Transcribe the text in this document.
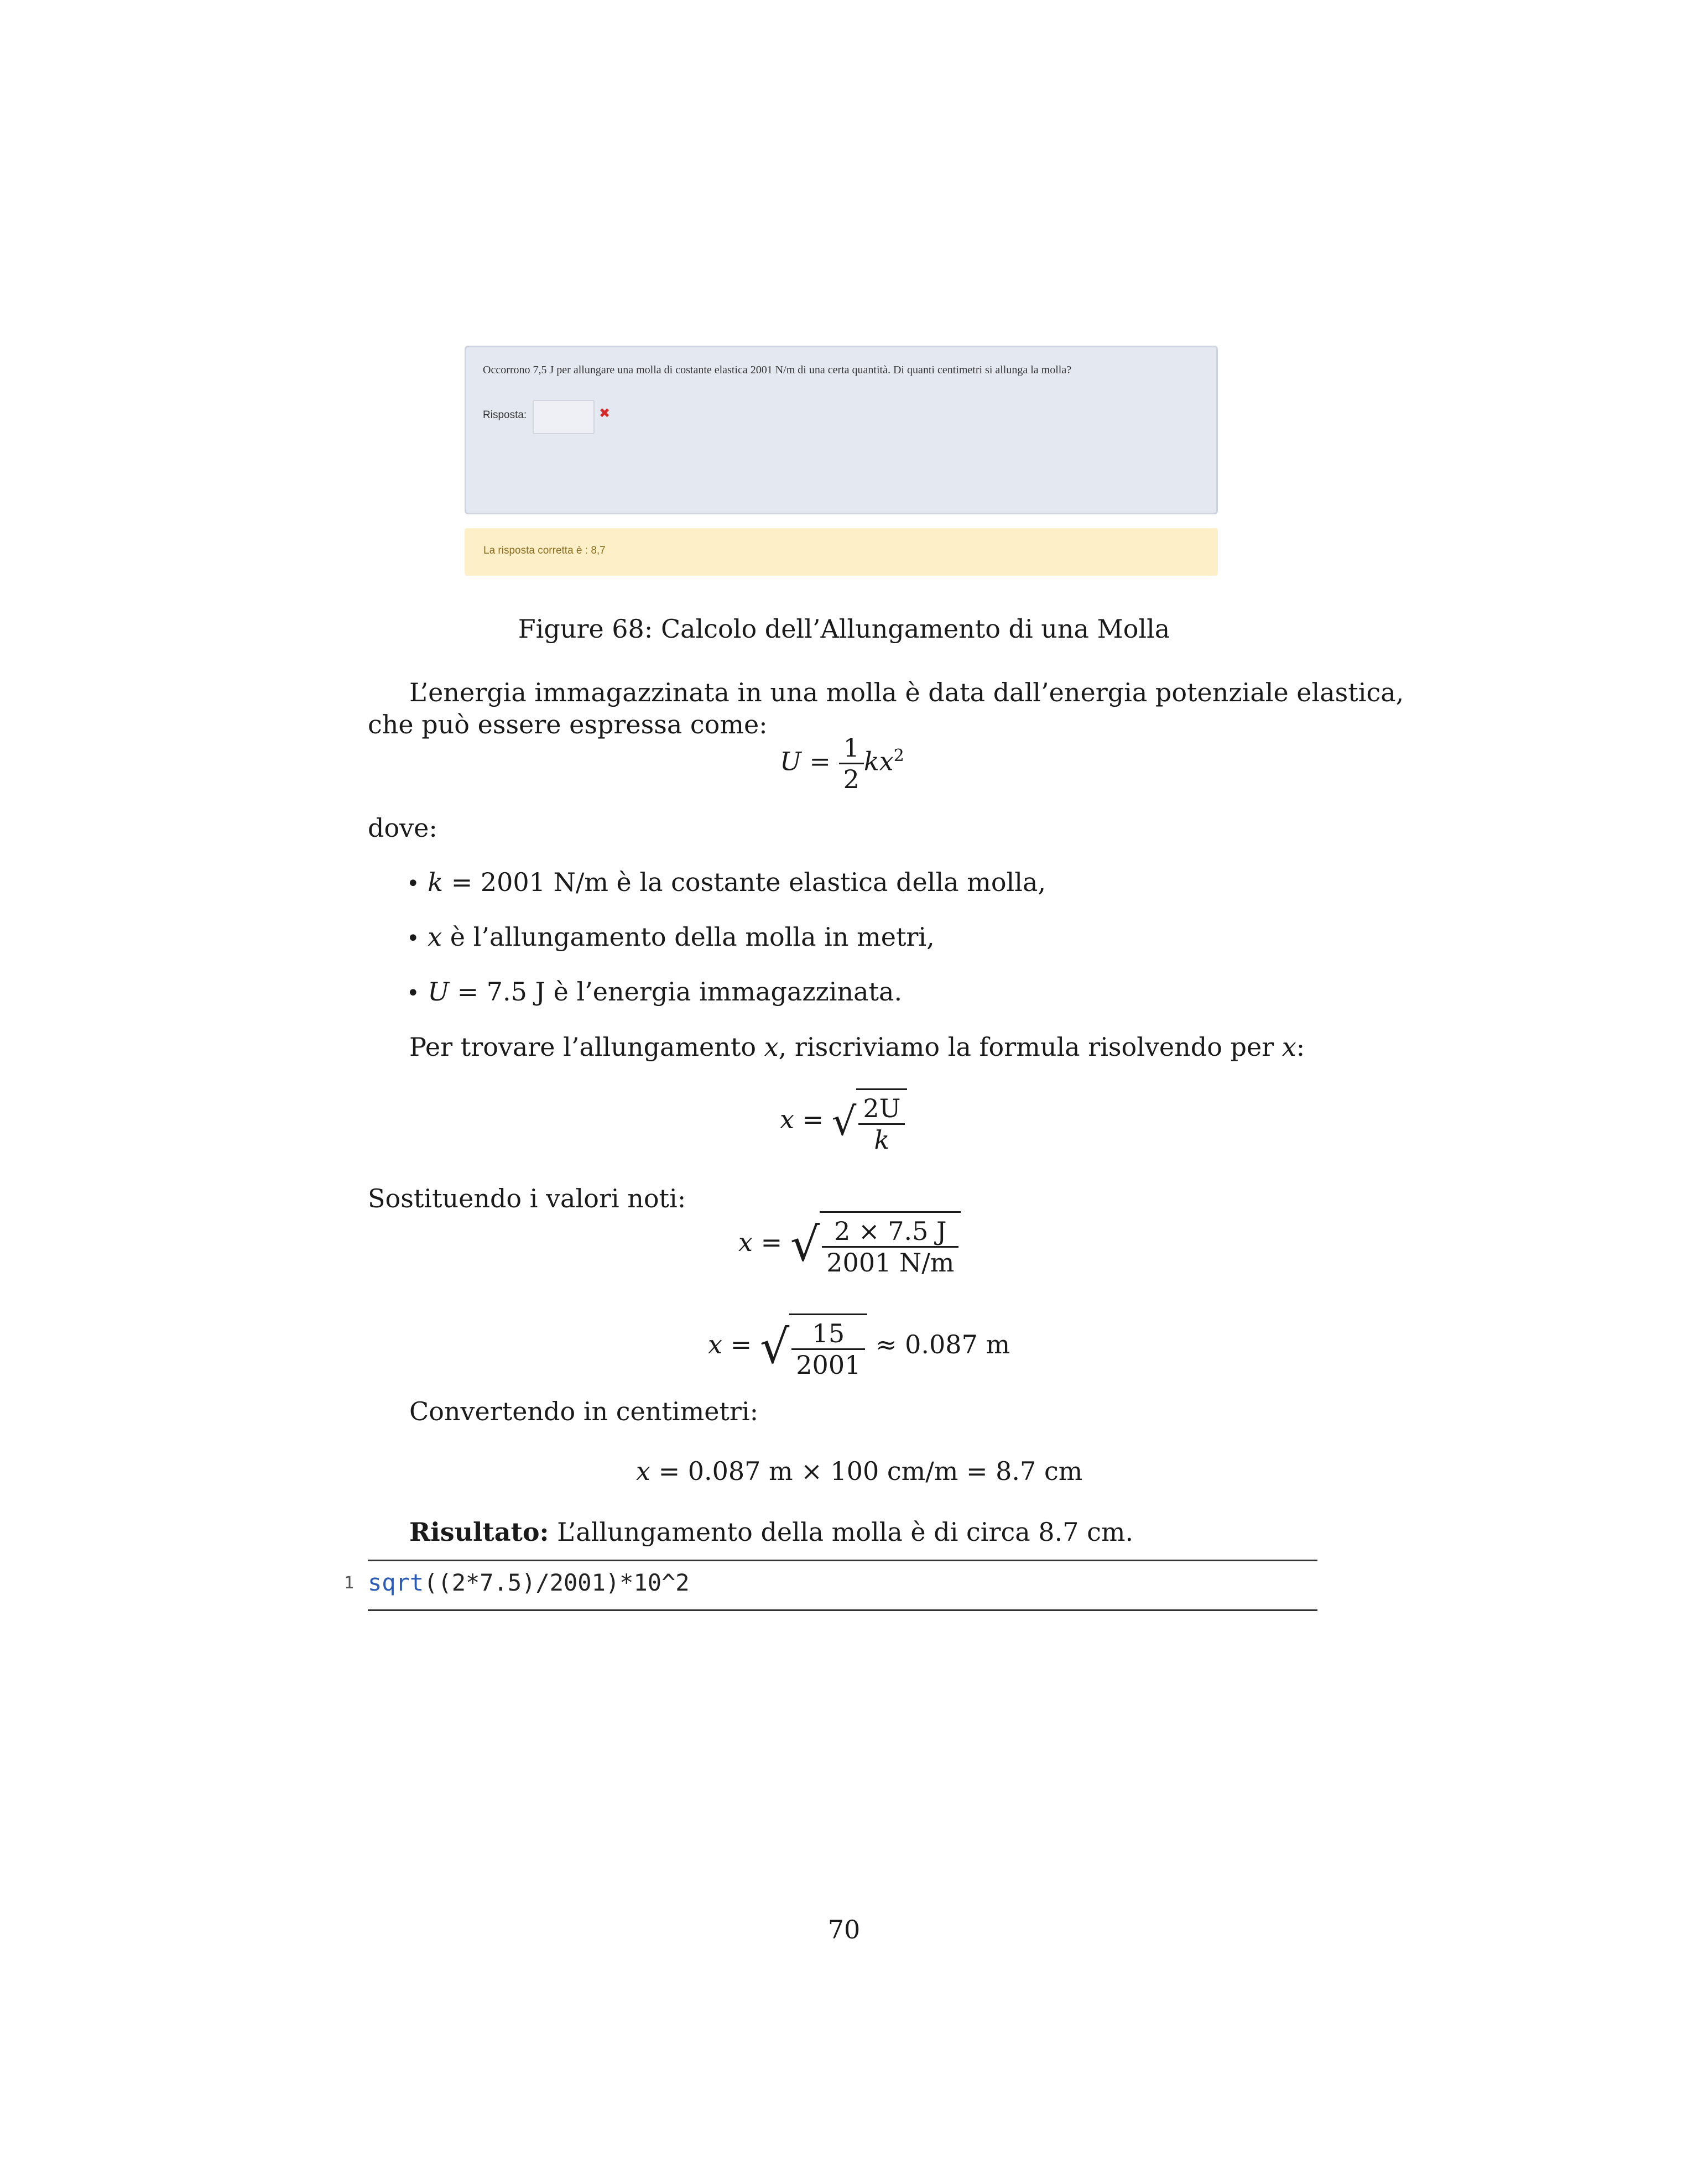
Occorrono 7,5 J per allungare una molla di costante elastica 2001 N/m di una certa quantità. Di quanti centimetri si allunga la molla?
Risposta:	✖
La risposta corretta è : 8,7
Figure 68: Calcolo dell’Allungamento di una Molla
L’energia immagazzinata in una molla è data dall’energia potenziale elastica,
che può essere espressa come:
$U = \frac{1}{2} kx^2$
dove:
• k = 2001 N/m è la costante elastica della molla,
• x è l’allungamento della molla in metri,
• U = 7.5 J è l’energia immagazzinata.
Per trovare l’allungamento x, riscriviamo la formula risolvendo per x:
x = √ $\frac{2U}{k}$
Sostituendo i valori noti:
x = √ $\frac{2 \times 7.5 J}{2001 N/m}$
x = √ $\frac{15}{2001} \approx 0.087$ m
Convertendo in centimetri:
x = 0.087 m × 100 cm/m = 8.7 cm
Risultato: L’allungamento della molla è di circa 8.7 cm.
1 sqrt((2*7.5)/2001)*10^2
70
